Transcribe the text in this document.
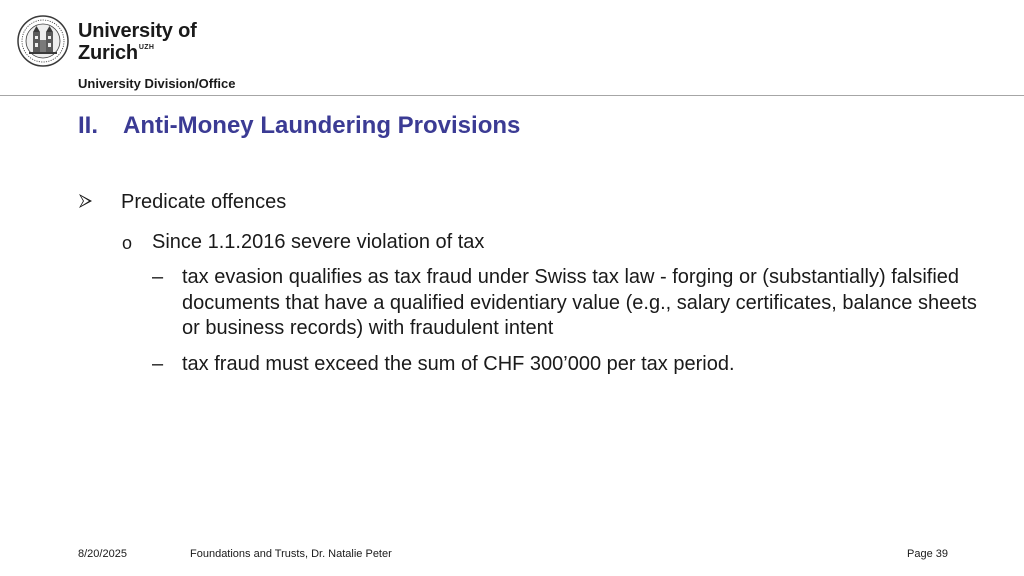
University of
Zurich UZH
University Division/Office
II. Anti-Money Laundering Provisions
Predicate offences
o Since 1.1.2016 severe violation of tax
– tax evasion qualifies as tax fraud under Swiss tax law - forging or (substantially) falsified documents that have a qualified evidentiary value (e.g., salary certificates, balance sheets or business records) with fraudulent intent
– tax fraud must exceed the sum of CHF 300’000 per tax period.
8/20/2025	Foundations and Trusts, Dr. Natalie Peter	Page 39
